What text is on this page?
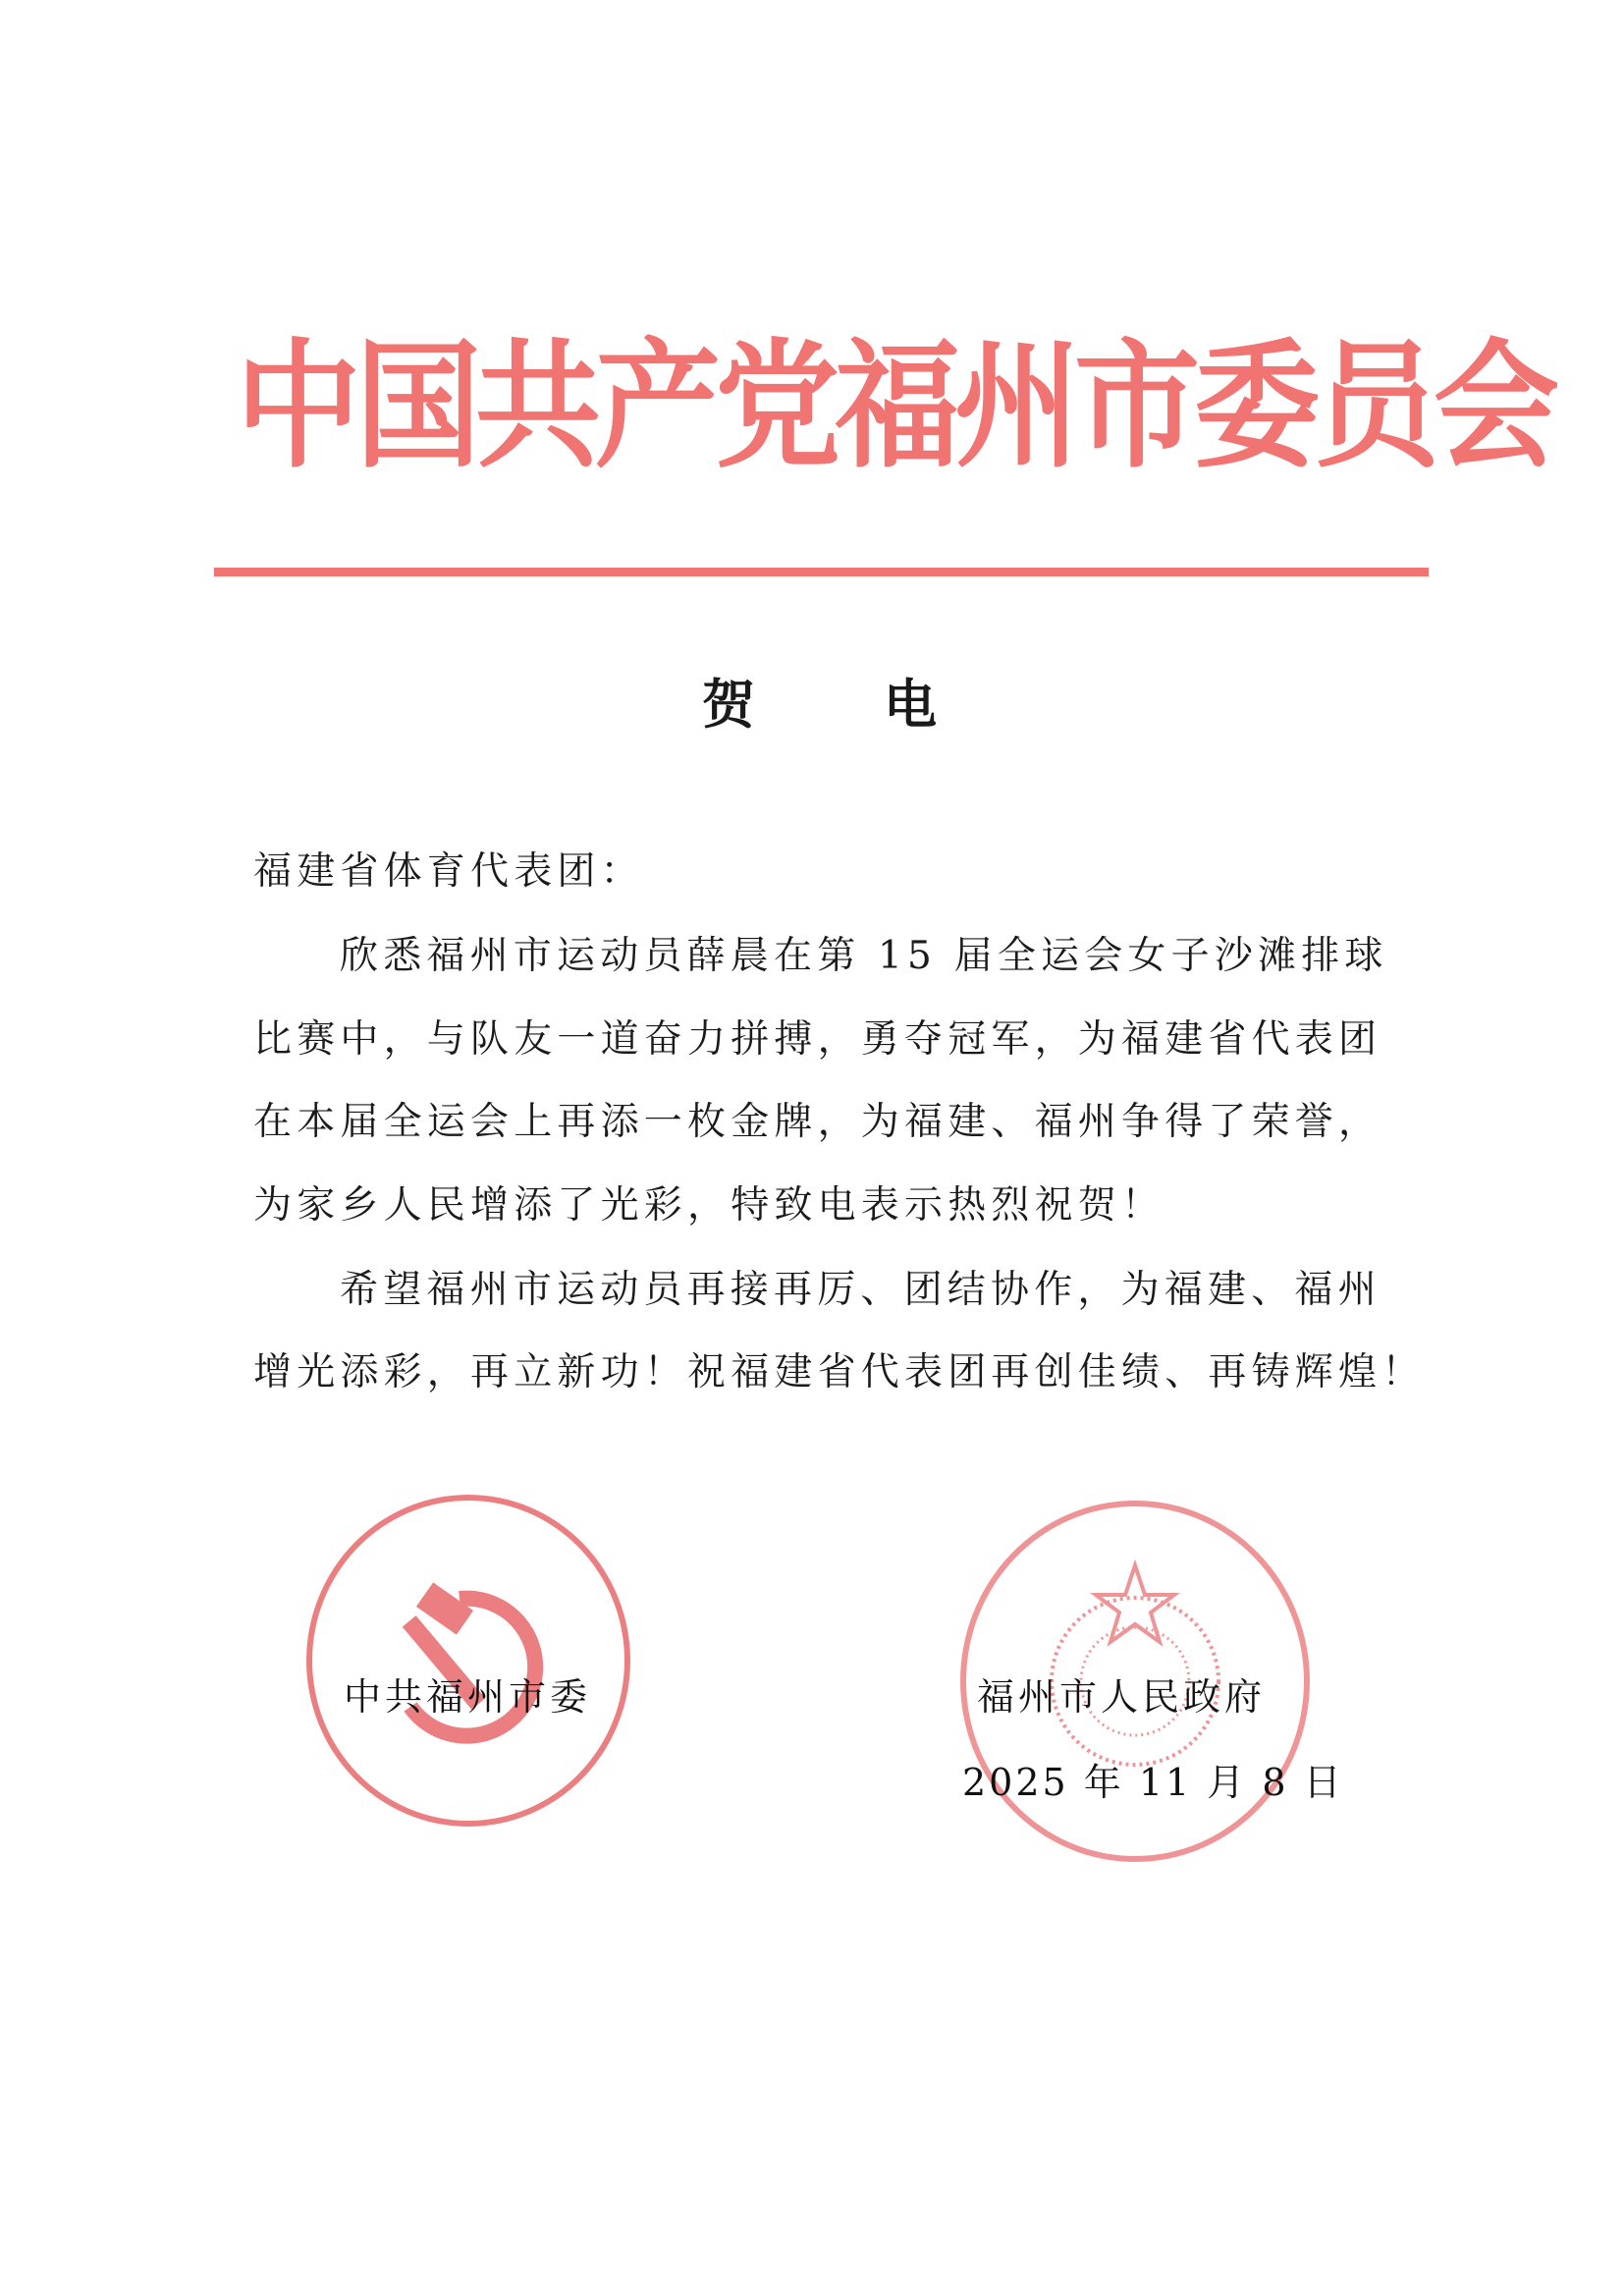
中国共产党福州市委员会
贺 电
福建省体育代表团：
欣悉福州市运动员薛晨在第 15 届全运会女子沙滩排球
比赛中，与队友一道奋力拼搏，勇夺冠军，为福建省代表团
在本届全运会上再添一枚金牌，为福建、福州争得了荣誉，
为家乡人民增添了光彩，特致电表示热烈祝贺！
希望福州市运动员再接再厉、团结协作，为福建、福州
增光添彩，再立新功！祝福建省代表团再创佳绩、再铸辉煌！
中共福州市委	福州市人民政府
2025 年 11 月 8 日
